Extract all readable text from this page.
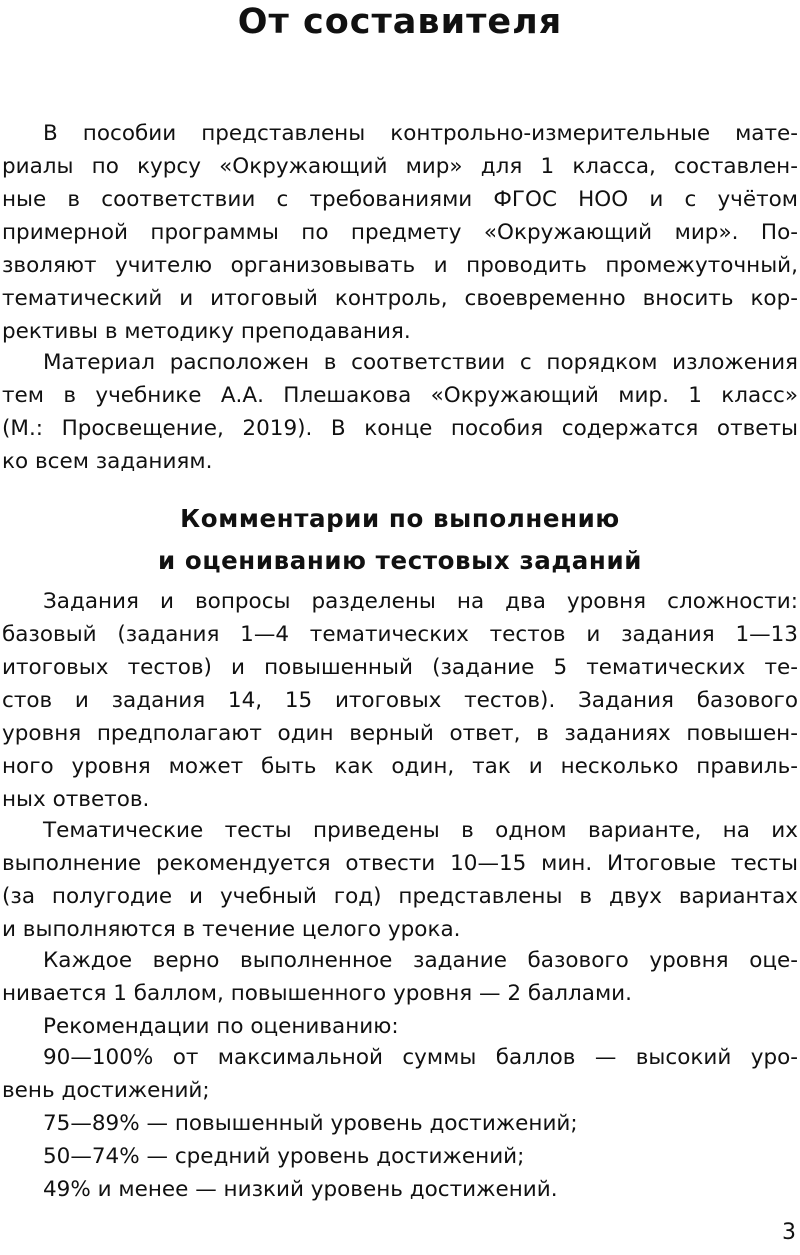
От составителя
В пособии представлены контрольно-измерительные мате-
риалы по курсу «Окружающий мир» для 1 класса, составлен-
ные в соответствии с требованиями ФГОС НОО и с учётом
примерной программы по предмету «Окружающий мир». По-
зволяют учителю организовывать и проводить промежуточный,
тематический и итоговый контроль, своевременно вносить кор-
рективы в методику преподавания.
Материал расположен в соответствии с порядком изложения
тем в учебнике А.А. Плешакова «Окружающий мир. 1 класс»
(М.: Просвещение, 2019). В конце пособия содержатся ответы
ко всем заданиям.
Комментарии по выполнению
и оцениванию тестовых заданий
Задания и вопросы разделены на два уровня сложности:
базовый (задания 1—4 тематических тестов и задания 1—13
итоговых тестов) и повышенный (задание 5 тематических те-
стов и задания 14, 15 итоговых тестов). Задания базового
уровня предполагают один верный ответ, в заданиях повышен-
ного уровня может быть как один, так и несколько правиль-
ных ответов.
Тематические тесты приведены в одном варианте, на их
выполнение рекомендуется отвести 10—15 мин. Итоговые тесты
(за полугодие и учебный год) представлены в двух вариантах
и выполняются в течение целого урока.
Каждое верно выполненное задание базового уровня оце-
нивается 1 баллом, повышенного уровня — 2 баллами.
Рекомендации по оцениванию:
90—100% от максимальной суммы баллов — высокий уро-
вень достижений;
75—89% — повышенный уровень достижений;
50—74% — средний уровень достижений;
49% и менее — низкий уровень достижений.
3
